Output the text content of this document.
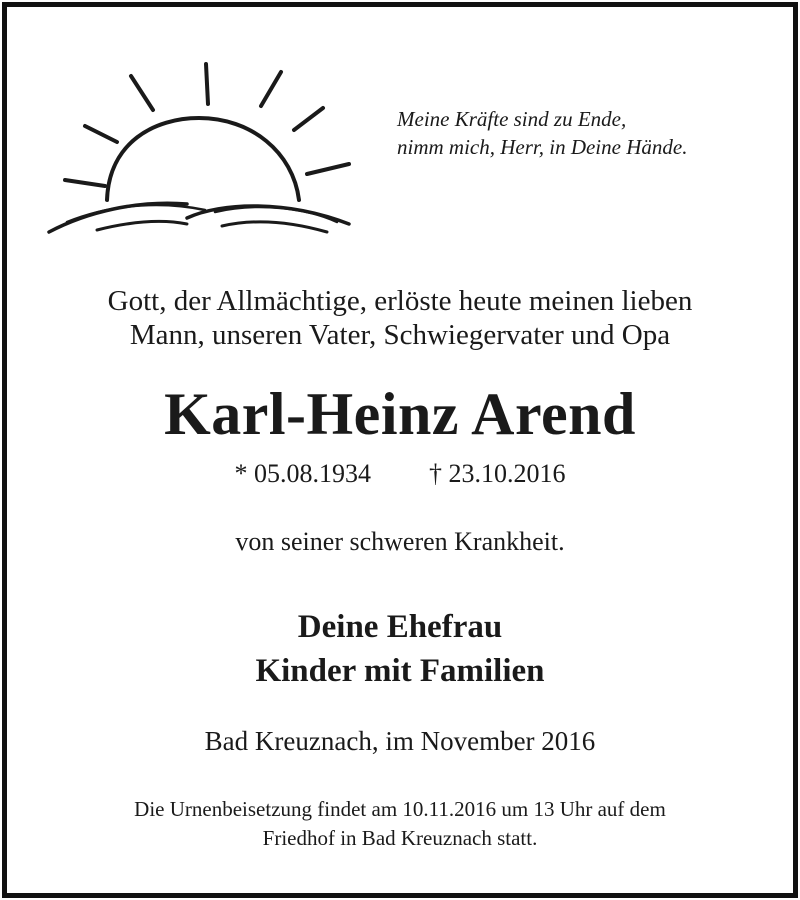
Meine Kräfte sind zu Ende,
nimm mich, Herr, in Deine Hände.
Gott, der Allmächtige, erlöste heute meinen lieben
Mann, unseren Vater, Schwiegervater und Opa
Karl-Heinz Arend
* 05.08.1934 † 23.10.2016
von seiner schweren Krankheit.
Deine Ehefrau
Kinder mit Familien
Bad Kreuznach, im November 2016
Die Urnenbeisetzung findet am 10.11.2016 um 13 Uhr auf dem
Friedhof in Bad Kreuznach statt.
